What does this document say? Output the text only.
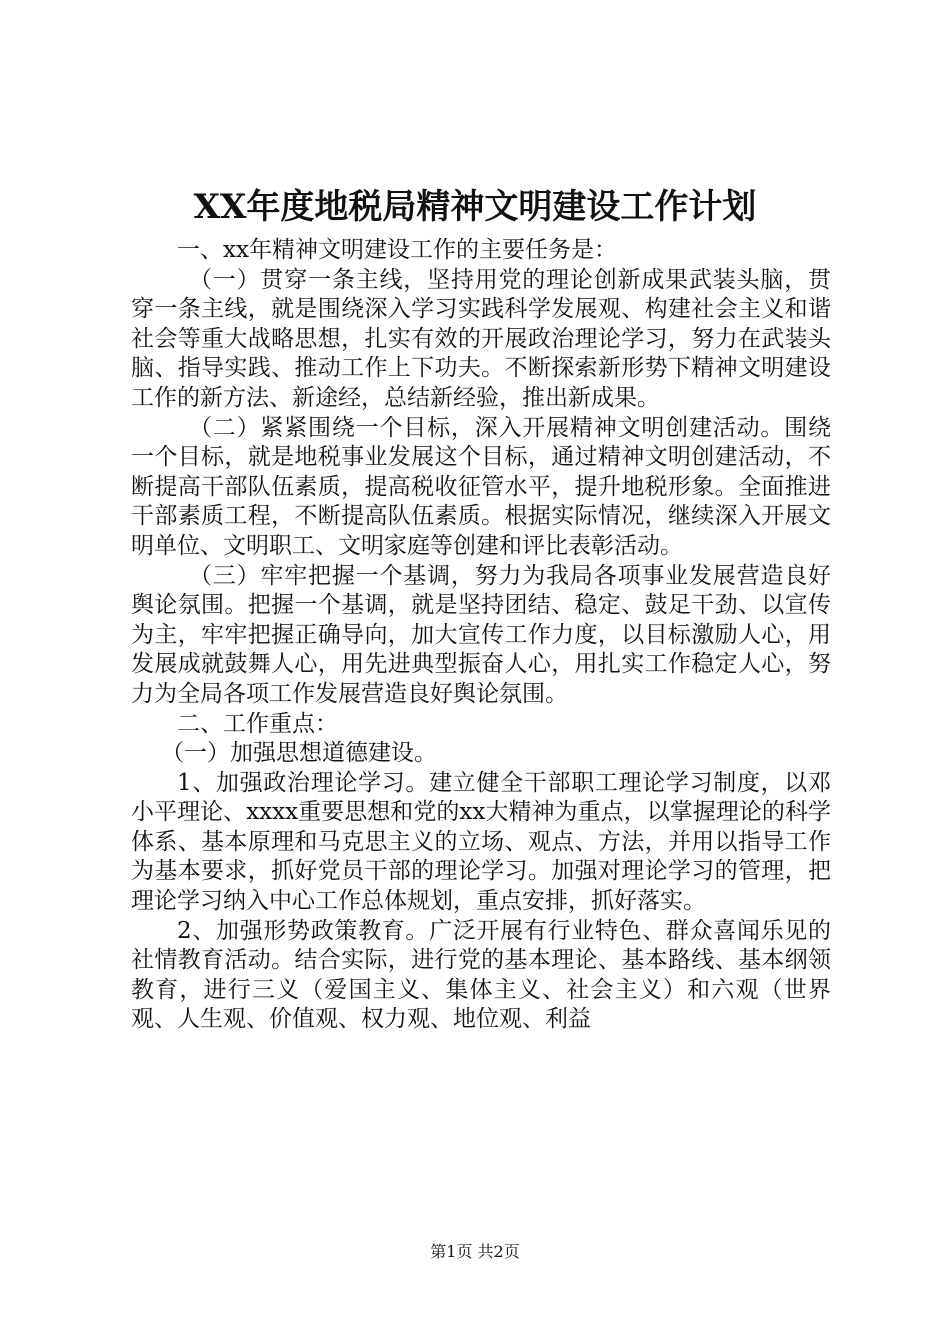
XX年度地税局精神文明建设工作计划

一、xx年精神文明建设工作的主要任务是：

（一）贯穿一条主线，坚持用党的理论创新成果武装头脑，贯穿一条主线，就是围绕深入学习实践科学发展观、构建社会主义和谐社会等重大战略思想，扎实有效的开展政治理论学习，努力在武装头脑、指导实践、推动工作上下功夫。不断探索新形势下精神文明建设工作的新方法、新途经，总结新经验，推出新成果。

（二）紧紧围绕一个目标，深入开展精神文明创建活动。围绕一个目标，就是地税事业发展这个目标，通过精神文明创建活动，不断提高干部队伍素质，提高税收征管水平，提升地税形象。全面推进干部素质工程，不断提高队伍素质。根据实际情况，继续深入开展文明单位、文明职工、文明家庭等创建和评比表彰活动。

（三）牢牢把握一个基调，努力为我局各项事业发展营造良好舆论氛围。把握一个基调，就是坚持团结、稳定、鼓足干劲、以宣传为主，牢牢把握正确导向，加大宣传工作力度，以目标激励人心，用发展成就鼓舞人心，用先进典型振奋人心，用扎实工作稳定人心，努力为全局各项工作发展营造良好舆论氛围。

二、工作重点：

（一）加强思想道德建设。

1、加强政治理论学习。建立健全干部职工理论学习制度，以邓小平理论、xxxx重要思想和党的xx大精神为重点，以掌握理论的科学体系、基本原理和马克思主义的立场、观点、方法，并用以指导工作为基本要求，抓好党员干部的理论学习。加强对理论学习的管理，把理论学习纳入中心工作总体规划，重点安排，抓好落实。

2、加强形势政策教育。广泛开展有行业特色、群众喜闻乐见的社情教育活动。结合实际，进行党的基本理论、基本路线、基本纲领教育，进行三义（爱国主义、集体主义、社会主义）和六观（世界观、人生观、价值观、权力观、地位观、利益

第1页 共2页
